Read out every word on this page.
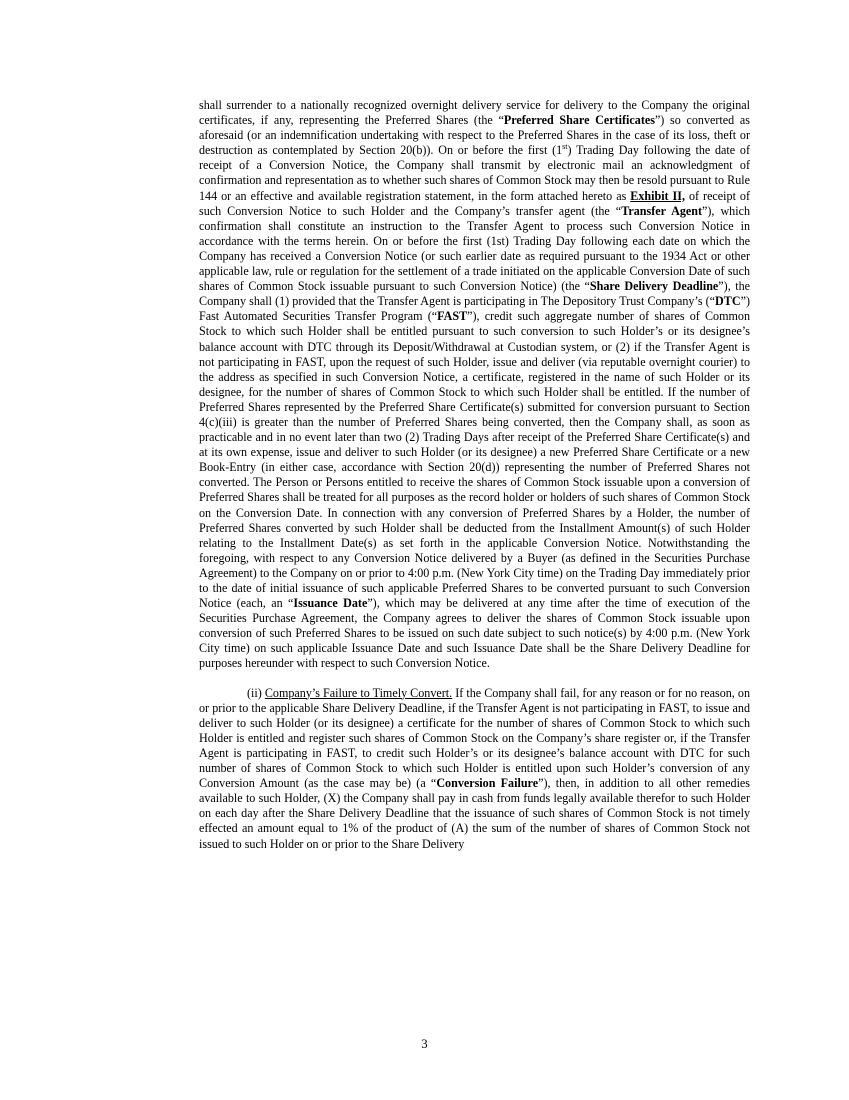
shall surrender to a nationally recognized overnight delivery service for delivery to the Company the original certificates, if any, representing the Preferred Shares (the “Preferred Share Certificates”) so converted as aforesaid (or an indemnification undertaking with respect to the Preferred Shares in the case of its loss, theft or destruction as contemplated by Section 20(b)). On or before the first (1st) Trading Day following the date of receipt of a Conversion Notice, the Company shall transmit by electronic mail an acknowledgment of confirmation and representation as to whether such shares of Common Stock may then be resold pursuant to Rule 144 or an effective and available registration statement, in the form attached hereto as Exhibit II, of receipt of such Conversion Notice to such Holder and the Company’s transfer agent (the “Transfer Agent”), which confirmation shall constitute an instruction to the Transfer Agent to process such Conversion Notice in accordance with the terms herein. On or before the first (1st) Trading Day following each date on which the Company has received a Conversion Notice (or such earlier date as required pursuant to the 1934 Act or other applicable law, rule or regulation for the settlement of a trade initiated on the applicable Conversion Date of such shares of Common Stock issuable pursuant to such Conversion Notice) (the “Share Delivery Deadline”), the Company shall (1) provided that the Transfer Agent is participating in The Depository Trust Company’s (“DTC”) Fast Automated Securities Transfer Program (“FAST”), credit such aggregate number of shares of Common Stock to which such Holder shall be entitled pursuant to such conversion to such Holder’s or its designee’s balance account with DTC through its Deposit/Withdrawal at Custodian system, or (2) if the Transfer Agent is not participating in FAST, upon the request of such Holder, issue and deliver (via reputable overnight courier) to the address as specified in such Conversion Notice, a certificate, registered in the name of such Holder or its designee, for the number of shares of Common Stock to which such Holder shall be entitled. If the number of Preferred Shares represented by the Preferred Share Certificate(s) submitted for conversion pursuant to Section 4(c)(iii) is greater than the number of Preferred Shares being converted, then the Company shall, as soon as practicable and in no event later than two (2) Trading Days after receipt of the Preferred Share Certificate(s) and at its own expense, issue and deliver to such Holder (or its designee) a new Preferred Share Certificate or a new Book-Entry (in either case, accordance with Section 20(d)) representing the number of Preferred Shares not converted. The Person or Persons entitled to receive the shares of Common Stock issuable upon a conversion of Preferred Shares shall be treated for all purposes as the record holder or holders of such shares of Common Stock on the Conversion Date. In connection with any conversion of Preferred Shares by a Holder, the number of Preferred Shares converted by such Holder shall be deducted from the Installment Amount(s) of such Holder relating to the Installment Date(s) as set forth in the applicable Conversion Notice. Notwithstanding the foregoing, with respect to any Conversion Notice delivered by a Buyer (as defined in the Securities Purchase Agreement) to the Company on or prior to 4:00 p.m. (New York City time) on the Trading Day immediately prior to the date of initial issuance of such applicable Preferred Shares to be converted pursuant to such Conversion Notice (each, an “Issuance Date”), which may be delivered at any time after the time of execution of the Securities Purchase Agreement, the Company agrees to deliver the shares of Common Stock issuable upon conversion of such Preferred Shares to be issued on such date subject to such notice(s) by 4:00 p.m. (New York City time) on such applicable Issuance Date and such Issuance Date shall be the Share Delivery Deadline for purposes hereunder with respect to such Conversion Notice.

(ii) Company’s Failure to Timely Convert. If the Company shall fail, for any reason or for no reason, on or prior to the applicable Share Delivery Deadline, if the Transfer Agent is not participating in FAST, to issue and deliver to such Holder (or its designee) a certificate for the number of shares of Common Stock to which such Holder is entitled and register such shares of Common Stock on the Company’s share register or, if the Transfer Agent is participating in FAST, to credit such Holder’s or its designee’s balance account with DTC for such number of shares of Common Stock to which such Holder is entitled upon such Holder’s conversion of any Conversion Amount (as the case may be) (a “Conversion Failure”), then, in addition to all other remedies available to such Holder, (X) the Company shall pay in cash from funds legally available therefor to such Holder on each day after the Share Delivery Deadline that the issuance of such shares of Common Stock is not timely effected an amount equal to 1% of the product of (A) the sum of the number of shares of Common Stock not issued to such Holder on or prior to the Share Delivery

3
